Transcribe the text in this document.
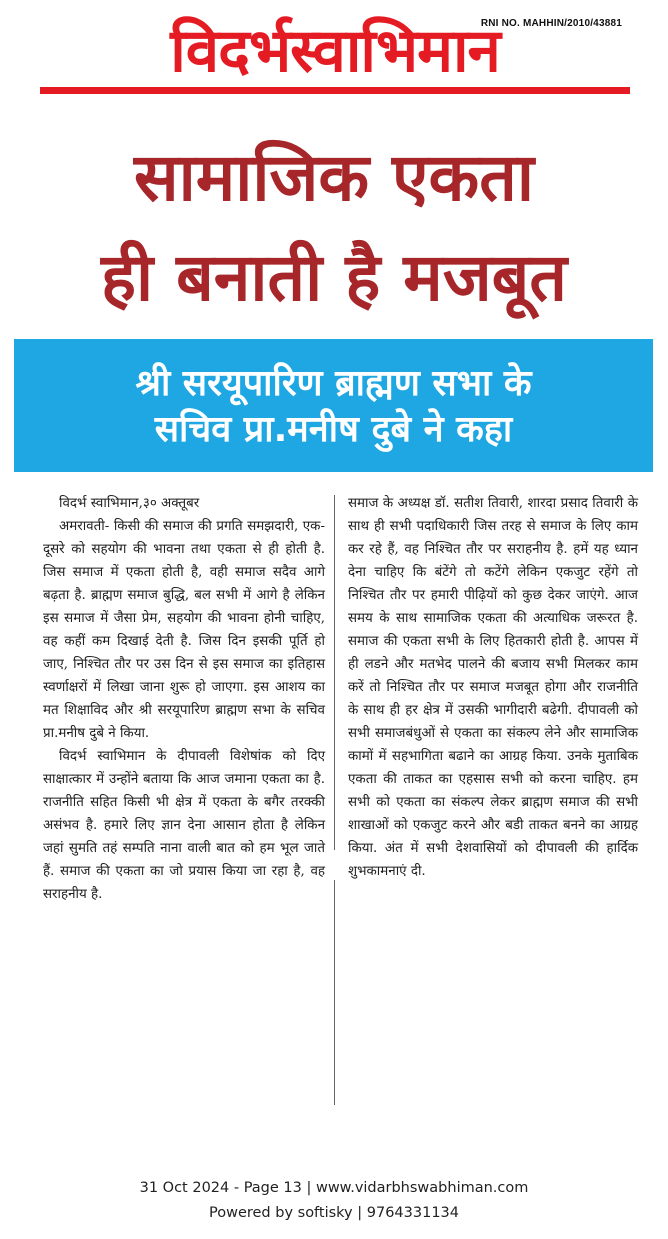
विदर्भस्वाभिमान
RNI NO. MAHHIN/2010/43881
सामाजिक एकता
ही बनाती है मजबूत
श्री सरयूपारिण ब्राह्मण सभा के
सचिव प्रा.मनीष दुबे ने कहा

विदर्भ स्वाभिमान,३० अक्तूबर

अमरावती- किसी की समाज की प्रगति समझदारी, एक-दूसरे को सहयोग की भावना तथा एकता से ही होती है. जिस समाज में एकता होती है, वही समाज सदैव आगे बढ़ता है. ब्राह्मण समाज बुद्धि, बल सभी में आगे है लेकिन इस समाज में जैसा प्रेम, सहयोग की भावना होनी चाहिए, वह कहीं कम दिखाई देती है. जिस दिन इसकी पूर्ति हो जाए, निश्चित तौर पर उस दिन से इस समाज का इतिहास स्वर्णाक्षरों में लिखा जाना शुरू हो जाएगा. इस आशय का मत शिक्षाविद और श्री सरयूपारिण ब्राह्मण सभा के सचिव प्रा.मनीष दुबे ने किया.

विदर्भ स्वाभिमान के दीपावली विशेषांक को दिए साक्षात्कार में उन्होंने बताया कि आज जमाना एकता का है. राजनीति सहित किसी भी क्षेत्र में एकता के बगैर तरक्की असंभव है. हमारे लिए ज्ञान देना आसान होता है लेकिन जहां सुमति तहं सम्पति नाना वाली बात को हम भूल जाते हैं. समाज की एकता का जो प्रयास किया जा रहा है, वह सराहनीय है.

समाज के अध्यक्ष डॉ. सतीश तिवारी, शारदा प्रसाद तिवारी के साथ ही सभी पदाधिकारी जिस तरह से समाज के लिए काम कर रहे हैं, वह निश्चित तौर पर सराहनीय है. हमें यह ध्यान देना चाहिए कि बंटेंगे तो कटेंगे लेकिन एकजुट रहेंगे तो निश्चित तौर पर हमारी पीढ़ियों को कुछ देकर जाएंगे. आज समय के साथ सामाजिक एकता की अत्याधिक जरूरत है. समाज की एकता सभी के लिए हितकारी होती है. आपस में ही लडने और मतभेद पालने की बजाय सभी मिलकर काम करें तो निश्चित तौर पर समाज मजबूत होगा और राजनीति के साथ ही हर क्षेत्र में उसकी भागीदारी बढेगी. दीपावली को सभी समाजबंधुओं से एकता का संकल्प लेने और सामाजिक कामों में सहभागिता बढाने का आग्रह किया. उनके मुताबिक एकता की ताकत का एहसास सभी को करना चाहिए. हम सभी को एकता का संकल्प लेकर ब्राह्मण समाज की सभी शाखाओं को एकजुट करने और बडी ताकत बनने का आग्रह किया. अंत में सभी देशवासियों को दीपावली की हार्दिक शुभकामनाएं दी.

31 Oct 2024 - Page 13 | www.vidarbhswabhiman.com
Powered by softisky | 9764331134
